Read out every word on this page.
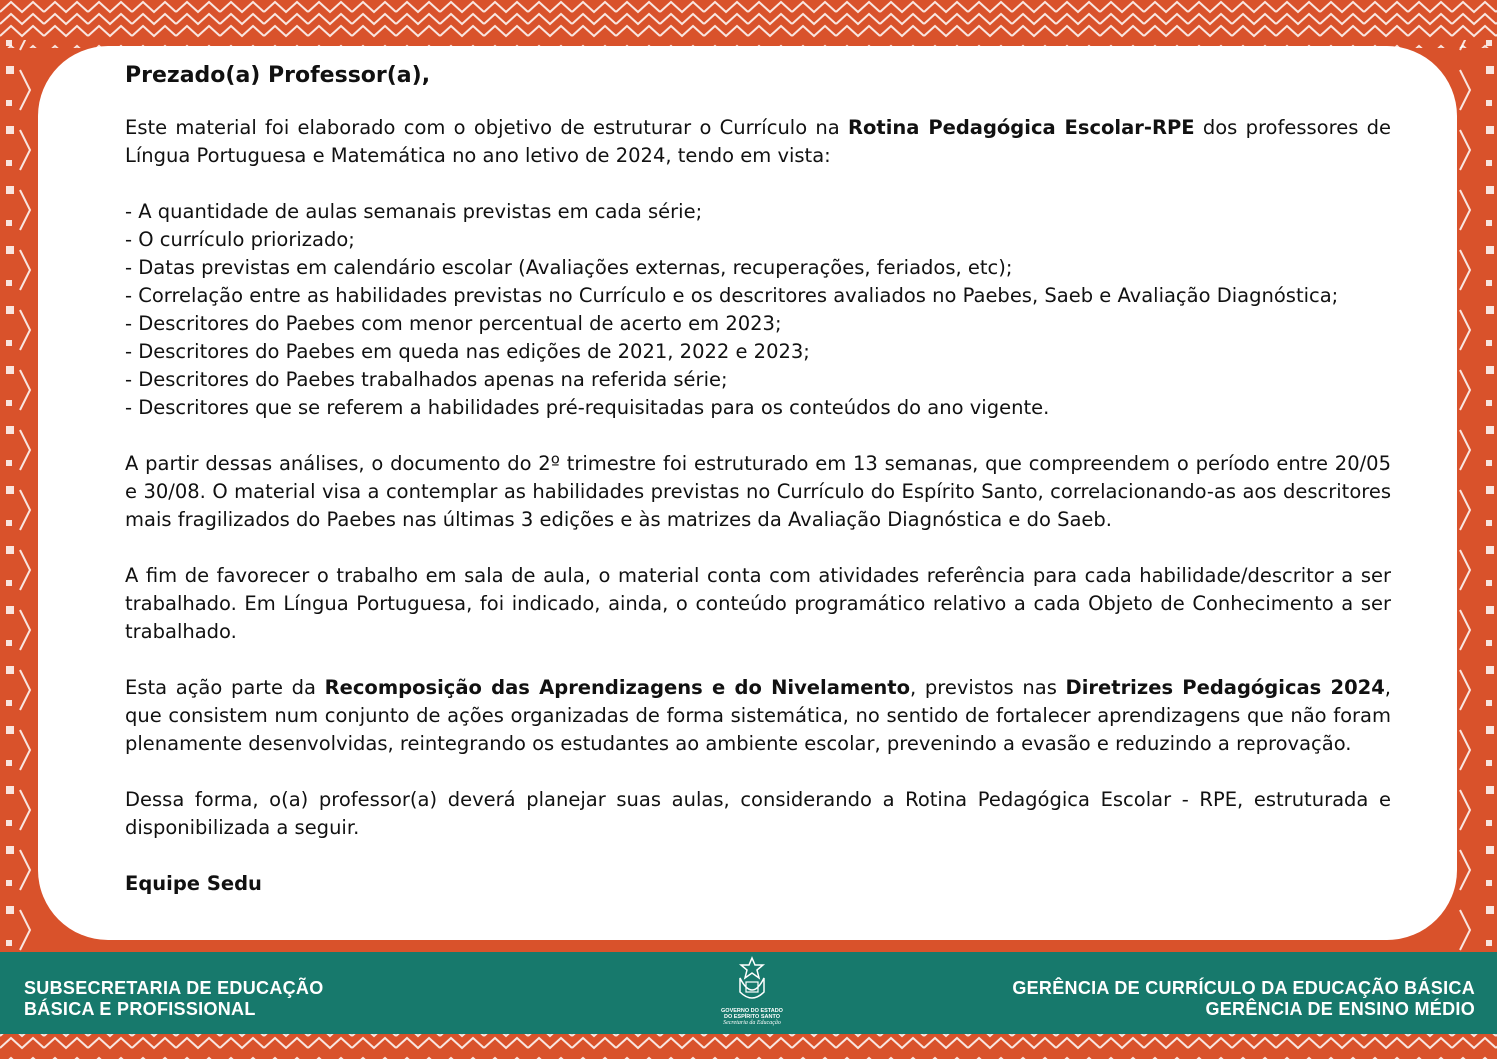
Prezado(a) Professor(a),

Este material foi elaborado com o objetivo de estruturar o Currículo na Rotina Pedagógica Escolar-RPE dos professores de Língua Portuguesa e Matemática no ano letivo de 2024, tendo em vista:

- A quantidade de aulas semanais previstas em cada série;
- O currículo priorizado;
- Datas previstas em calendário escolar (Avaliações externas, recuperações, feriados, etc);
- Correlação entre as habilidades previstas no Currículo e os descritores avaliados no Paebes, Saeb e Avaliação Diagnóstica;
- Descritores do Paebes com menor percentual de acerto em 2023;
- Descritores do Paebes em queda nas edições de 2021, 2022 e 2023;
- Descritores do Paebes trabalhados apenas na referida série;
- Descritores que se referem a habilidades pré-requisitadas para os conteúdos do ano vigente.

A partir dessas análises, o documento do 2º trimestre foi estruturado em 13 semanas, que compreendem o período entre 20/05 e 30/08. O material visa a contemplar as habilidades previstas no Currículo do Espírito Santo, correlacionando-as aos descritores mais fragilizados do Paebes nas últimas 3 edições e às matrizes da Avaliação Diagnóstica e do Saeb.

A fim de favorecer o trabalho em sala de aula, o material conta com atividades referência para cada habilidade/descritor a ser trabalhado. Em Língua Portuguesa, foi indicado, ainda, o conteúdo programático relativo a cada Objeto de Conhecimento a ser trabalhado.

Esta ação parte da Recomposição das Aprendizagens e do Nivelamento, previstos nas Diretrizes Pedagógicas 2024, que consistem num conjunto de ações organizadas de forma sistemática, no sentido de fortalecer aprendizagens que não foram plenamente desenvolvidas, reintegrando os estudantes ao ambiente escolar, prevenindo a evasão e reduzindo a reprovação.

Dessa forma, o(a) professor(a) deverá planejar suas aulas, considerando a Rotina Pedagógica Escolar - RPE, estruturada e disponibilizada a seguir.

Equipe Sedu

SUBSECRETARIA DE EDUCAÇÃO
BÁSICA E PROFISSIONAL	GOVERNO DO ESTADO
DO ESPÍRITO SANTO
Secretaria da Educação
GERÊNCIA DE CURRÍCULO DA EDUCAÇÃO BÁSICA
GERÊNCIA DE ENSINO MÉDIO
